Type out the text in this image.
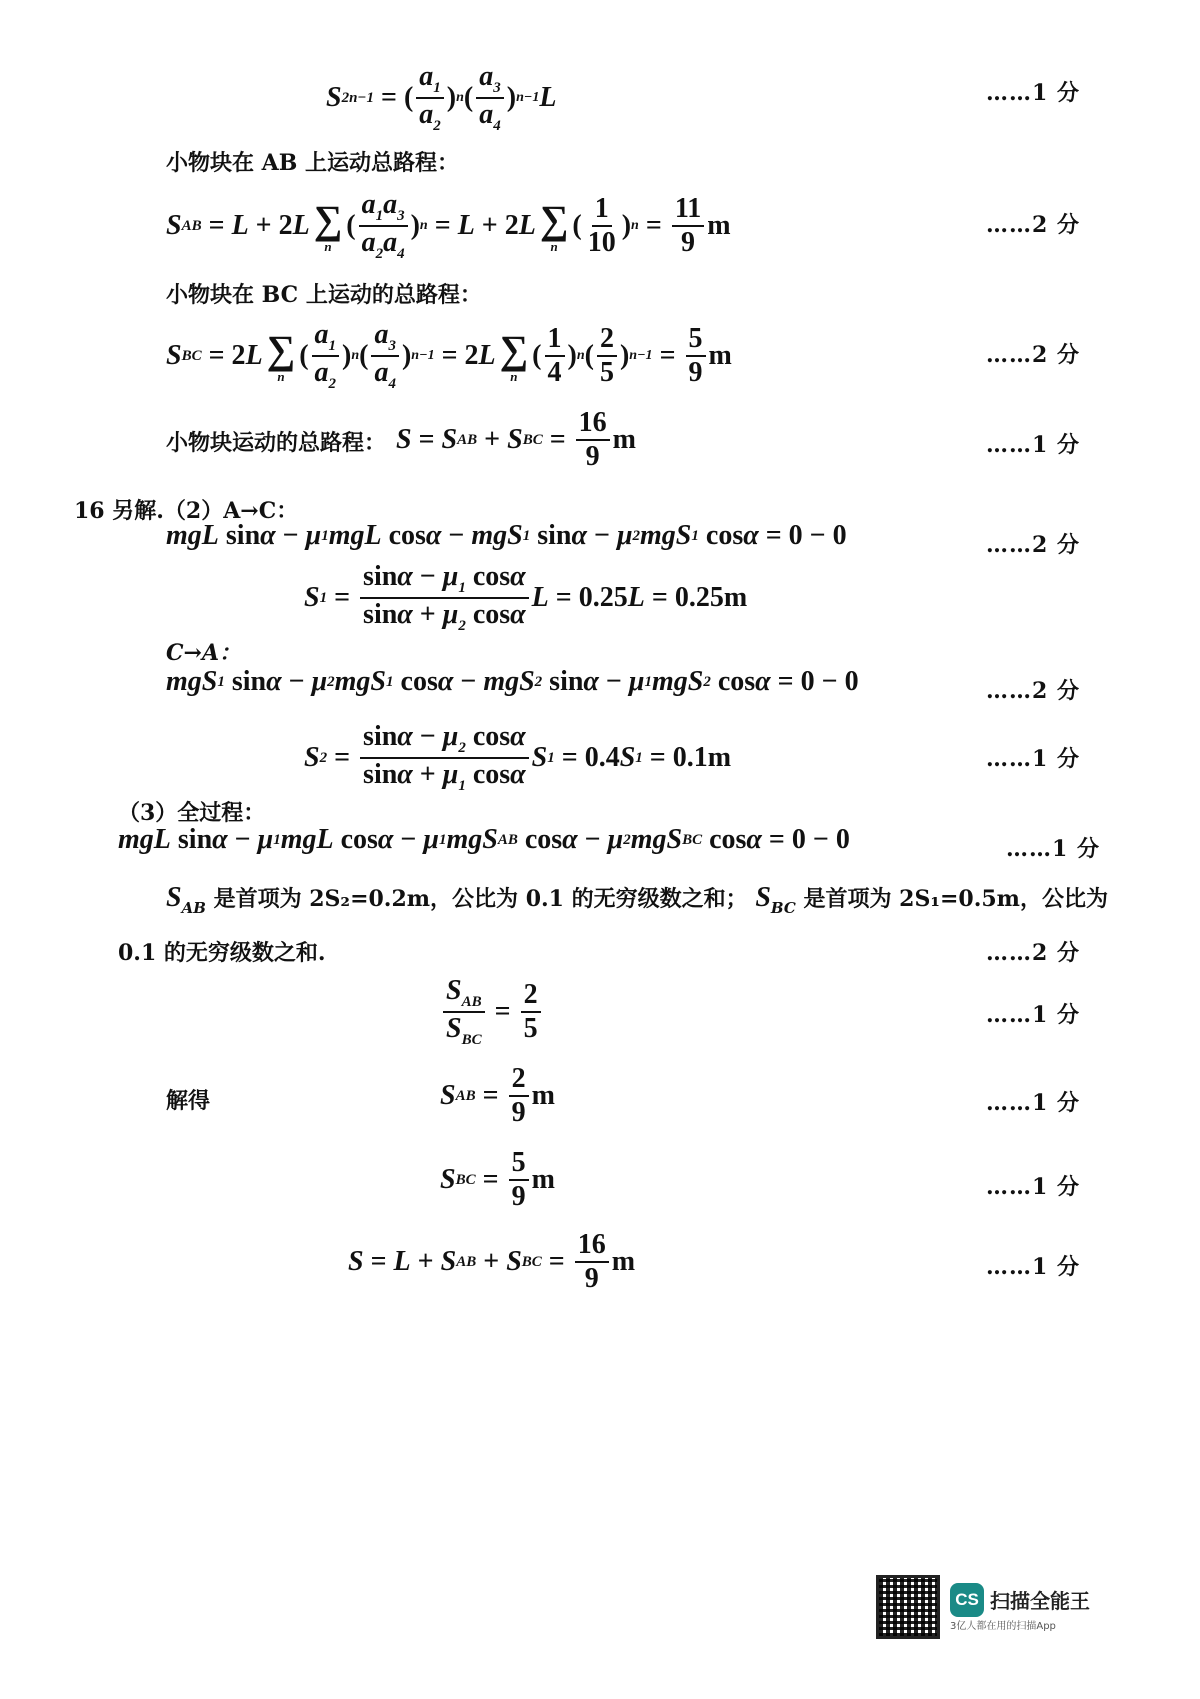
S 2n−1 = ( $\frac{a_1}{a_2}$ ) n ( $\frac{a_3}{a_4}$ ) n−1 L	……1 分
小物块在 AB 上运动总路程：
S AB = L + 2 L ∑
n
( $\frac{a_1a_3}{a_2a_4}$ ) n = L + 2 L ∑
n
( $\frac{1}{10}$ ) $n = \frac{11}{9}$ m	……2 分
小物块在 BC 上运动的总路程：
S BC = 2 L ∑
n
( $\frac{a_1}{a_2}$ ) n ( $\frac{a_3}{a_4}$ ) n−1 = 2 L ∑
n
( $\frac{1}{4}$ ) n ( $\frac{2}{5}$ ) $n-1 = \frac{5}{9}$ m	……2 分
小物块运动的总路程： S = S AB + S BC = $\frac{16}{9}$ m	……1 分
16 另解.（2）A→C：
mgL sin α − μ 1 mgL cos α − mgS 1 sin α − μ 2 mgS 1 cos α = 0 − 0	……2 分
S $1 = \frac{\sin\alpha - \mu_1 \cos\alpha}{\sin\alpha + \mu_2 \cos\alpha}$ L = 0.25 L = 0.25m
C→A：
mgS 1 sin α − μ 2 mgS 1 cos α − mgS 2 sin α − μ 1 mgS 2 cos α = 0 − 0	……2 分
S $2 = \frac{\sin\alpha - \mu_2 \cos\alpha}{\sin\alpha + \mu_1 \cos\alpha}$ S 1 = 0.4 S 1 = 0.1m	……1 分
（3）全过程：
mgL sin α − μ 1 mgL cos α − μ 1 mgS AB cos α − μ 2 mgS BC cos α = 0 − 0	……1 分
$S_{AB}$ 是首项为 2S₂=0.2m，公比为 0.1 的无穷级数之和； $S_{BC}$ 是首项为 2S₁=0.5m，公比为
0.1 的无穷级数之和.	……2 分
$\frac{S_{AB}}{S_{BC}} = \frac{2}{5}$	……1 分
解得	S AB = $\frac{2}{9}$ m	……1 分
S BC = $\frac{5}{9}$ m	……1 分
S = L + S AB + S BC = $\frac{16}{9}$ m	……1 分
CS 扫描全能王
3亿人都在用的扫描App
